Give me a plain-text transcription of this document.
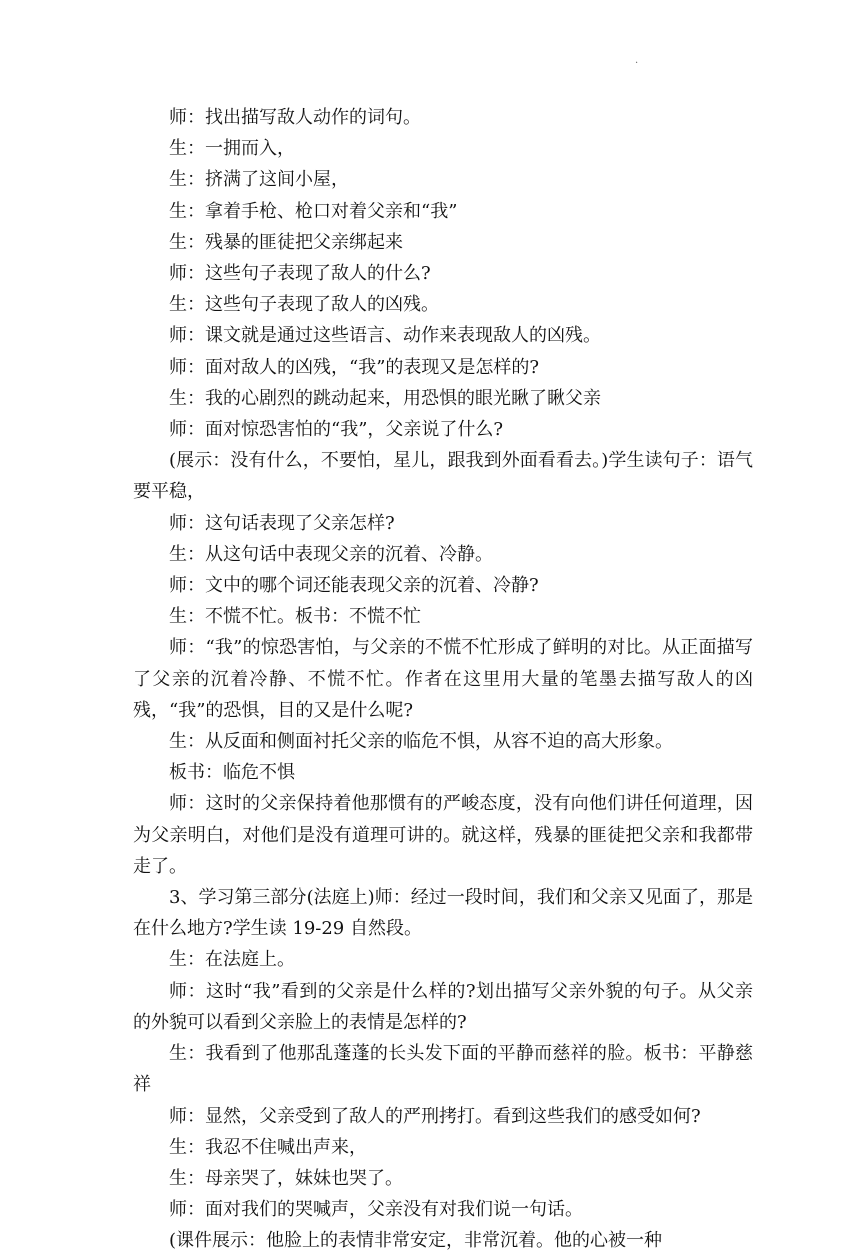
.

师：找出描写敌人动作的词句。

生：一拥而入，

生：挤满了这间小屋，

生：拿着手枪、枪口对着父亲和“我”

生：残暴的匪徒把父亲绑起来

师：这些句子表现了敌人的什么?

生：这些句子表现了敌人的凶残。

师：课文就是通过这些语言、动作来表现敌人的凶残。

师：面对敌人的凶残，“我”的表现又是怎样的?

生：我的心剧烈的跳动起来，用恐惧的眼光瞅了瞅父亲

师：面对惊恐害怕的“我”，父亲说了什么?

(展示：没有什么，不要怕，星儿，跟我到外面看看去。)学生读句子：语气要平稳，

师：这句话表现了父亲怎样?

生：从这句话中表现父亲的沉着、冷静。

师：文中的哪个词还能表现父亲的沉着、冷静?

生：不慌不忙。板书：不慌不忙

师：“我”的惊恐害怕，与父亲的不慌不忙形成了鲜明的对比。从正面描写了父亲的沉着冷静、不慌不忙。作者在这里用大量的笔墨去描写敌人的凶残，“我”的恐惧，目的又是什么呢?

生：从反面和侧面衬托父亲的临危不惧，从容不迫的高大形象。

板书：临危不惧

师：这时的父亲保持着他那惯有的严峻态度，没有向他们讲任何道理，因为父亲明白，对他们是没有道理可讲的。就这样，残暴的匪徒把父亲和我都带走了。

3、学习第三部分(法庭上)师：经过一段时间，我们和父亲又见面了，那是在什么地方?学生读 19-29 自然段。

生：在法庭上。

师：这时“我”看到的父亲是什么样的?划出描写父亲外貌的句子。从父亲的外貌可以看到父亲脸上的表情是怎样的?

生：我看到了他那乱蓬蓬的长头发下面的平静而慈祥的脸。板书：平静慈祥

师：显然，父亲受到了敌人的严刑拷打。看到这些我们的感受如何?

生：我忍不住喊出声来，

生：母亲哭了，妹妹也哭了。

师：面对我们的哭喊声，父亲没有对我们说一句话。

(课件展示：他脸上的表情非常安定，非常沉着。他的心被一种
